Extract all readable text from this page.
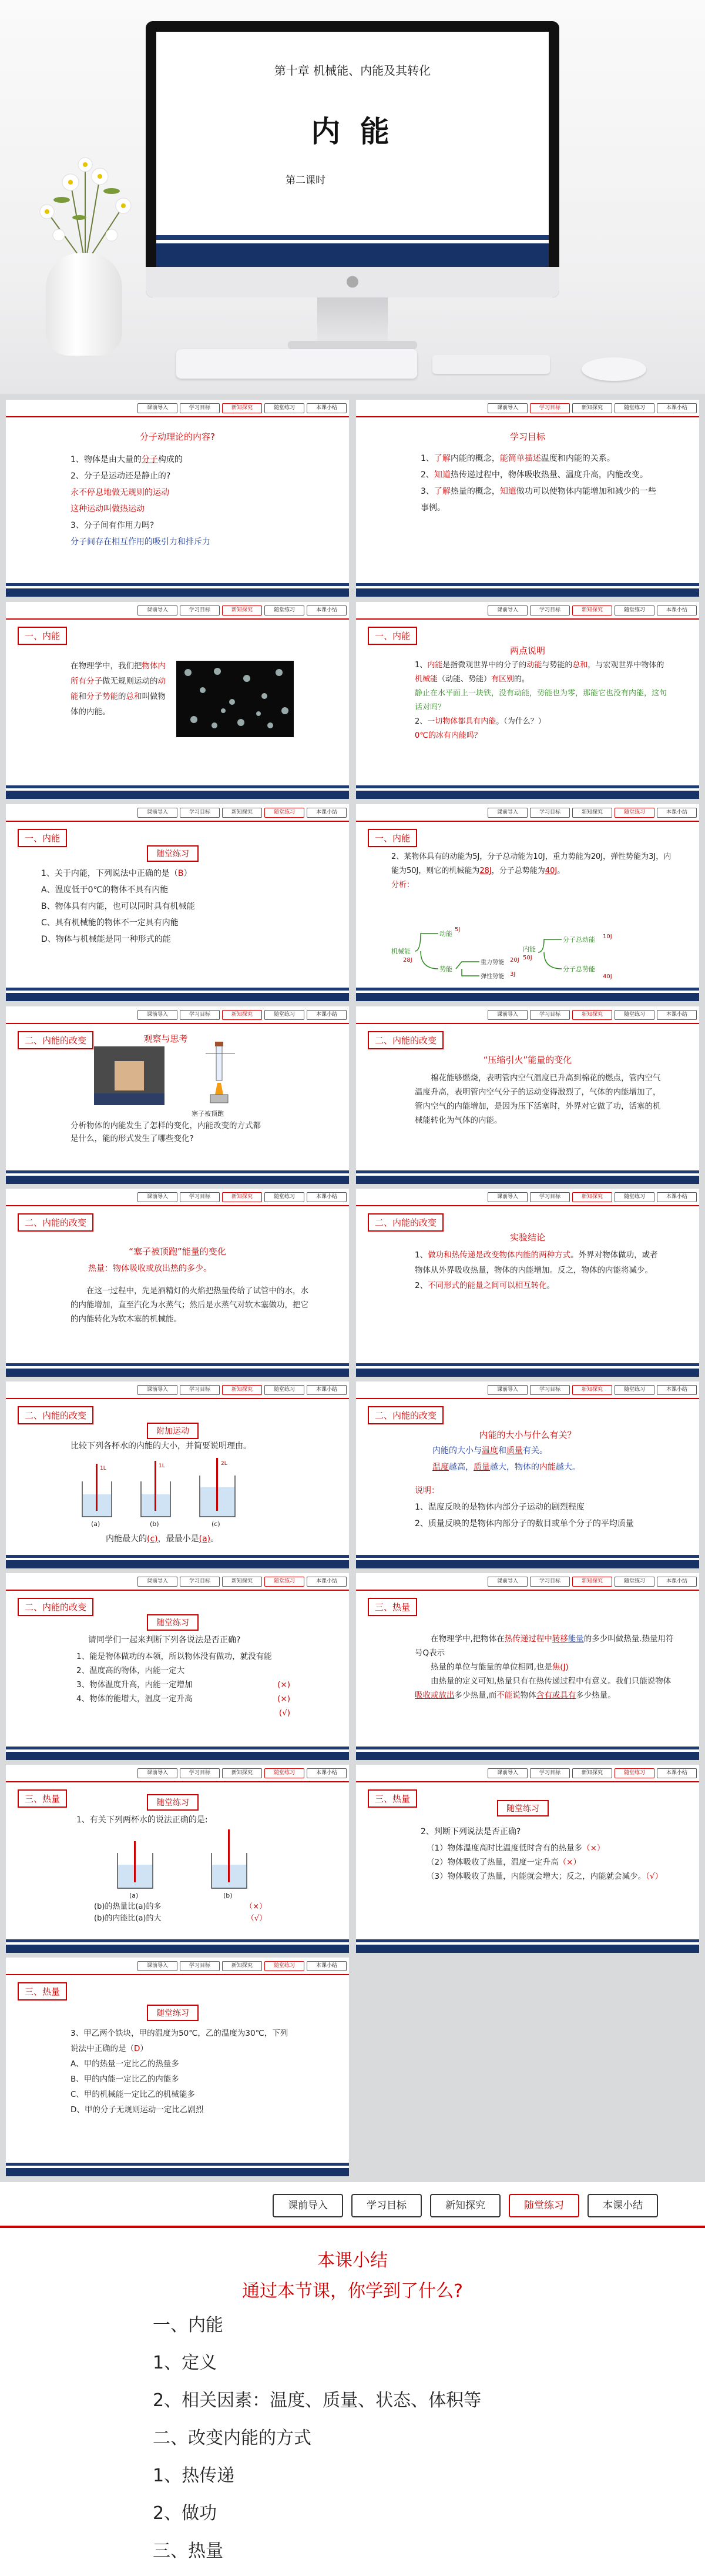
第十章 机械能、内能及其转化
内 能
第二课时
●
课前导入	学习目标	新知探究	随堂练习	本课小结
分子动理论的内容?
1、物体是由大量的分子构成的
2、分子是运动还是静止的?
永不停息地做无规则的运动
这种运动叫做热运动
3、分子间有作用力吗?
分子间存在相互作用的吸引力和排斥力
课前导入	学习目标	新知探究	随堂练习	本课小结
学习目标
1、了解内能的概念，能简单描述温度和内能的关系。
2、知道热传递过程中，物体吸收热量、温度升高，内能改变。
3、了解热量的概念，知道做功可以使物体内能增加和减少的一些事例。
课前导入	学习目标	新知探究	随堂练习	本课小结
一、内能
在物理学中，我们把物体内所有分子做无规则运动的动能和分子势能的总和叫做物体的内能。
课前导入	学习目标	新知探究	随堂练习	本课小结
一、内能
两点说明
1、内能是指微观世界中的分子的动能与势能的总和，与宏观世界中物体的机械能（动能、势能）有区别的。
静止在水平面上一块铁，没有动能，势能也为零，那能它也没有内能，这句话对吗？
2、一切物体都具有内能。（为什么？）
0℃的冰有内能吗？
课前导入	学习目标	新知探究	随堂练习	本课小结
一、内能
随堂练习
1、关于内能，下列说法中正确的是（B）
A、温度低于0℃的物体不具有内能
B、物体具有内能，也可以同时具有机械能
C、具有机械能的物体不一定具有内能
D、物体与机械能是同一种形式的能
课前导入	学习目标	新知探究	随堂练习	本课小结
一、内能
2、某物体具有的动能为5J，分子总动能为10J，重力势能为20J，弹性势能为3J，内能为50J，则它的机械能为28J，分子总势能为40J。
分析：
机械能
28J
动能
5J
势能
重力势能 20J
弹性势能 3J
内能
50J
分子总动能 10J
分子总势能
40J
课前导入	学习目标	新知探究	随堂练习	本课小结
二、内能的改变	观察与思考
塞子被顶跑
分析物体的内能发生了怎样的变化，内能改变的方式都是什么，能的形式发生了哪些变化?
课前导入	学习目标	新知探究	随堂练习	本课小结
二、内能的改变
“压缩引火”能量的变化
棉花能够燃烧，表明管内空气温度已升高到棉花的燃点，管内空气温度升高，表明管内空气分子的运动变得激烈了，气体的内能增加了，管内空气的内能增加，是因为压下活塞时，外界对它做了功，活塞的机械能转化为气体的内能。
课前导入	学习目标	新知探究	随堂练习	本课小结
二、内能的改变
“塞子被顶跑”能量的变化
热量：物体吸收或放出热的多少。
在这一过程中，先是酒精灯的火焰把热量传给了试管中的水，水的内能增加，直至汽化为水蒸气；然后是水蒸气对软木塞做功，把它的内能转化为软木塞的机械能。
课前导入	学习目标	新知探究	随堂练习	本课小结
二、内能的改变
实验结论
1、做功和热传递是改变物体内能的两种方式。外界对物体做功，或者物体从外界吸收热量，物体的内能增加。反之，物体的内能将减少。
2、不同形式的能量之间可以相互转化。
课前导入	学习目标	新知探究	随堂练习	本课小结
二、内能的改变
附加运动
比较下列各杯水的内能的大小，并简要说明理由。
1L	1L	2L
(a)	(b)	(c)
内能最大的(c)，最最小是(a)。
课前导入	学习目标	新知探究	随堂练习	本课小结
二、内能的改变
内能的大小与什么有关？
内能的大小与温度和质量有关。
温度越高，质量越大，物体的内能越大。
说明：
1、温度反映的是物体内部分子运动的剧烈程度
2、质量反映的是物体内部分子的数目或单个分子的平均质量
课前导入	学习目标	新知探究	随堂练习	本课小结
二、内能的改变
随堂练习
请同学们一起来判断下列各说法是否正确?
1、能是物体做功的本领，所以物体没有做功，就没有能
2、温度高的物体，内能一定大
(×)

3、物体温度升高，内能一定增加
(×)

4、物体的能增大，温度一定升高
(√)
课前导入	学习目标	新知探究	随堂练习	本课小结
三、热量
在物理学中,把物体在热传递过程中转移能量的多少叫做热量.热量用符号Q表示
热量的单位与能量的单位相同,也是焦(J)
由热量的定义可知,热量只有在热传递过程中有意义。我们只能说物体吸收或放出多少热量,而不能说物体含有或具有多少热量。
课前导入	学习目标	新知探究	随堂练习	本课小结
三、热量	随堂练习
1、有关下列两杯水的说法正确的是:
(a)	(b)
(b)的热量比(a)的多	（×）

(b)的内能比(a)的大	（√）
课前导入	学习目标	新知探究	随堂练习	本课小结
三、热量
随堂练习
2、判断下列说法是否正确?
（1）物体温度高时比温度低时含有的热量多（×）
（2）物体吸收了热量，温度一定升高（×）
（3）物体吸收了热量，内能就会增大；反之，内能就会减少。（√）
课前导入	学习目标	新知探究	随堂练习	本课小结
三、热量
随堂练习
3、甲乙两个铁块，甲的温度为50℃，乙的温度为30℃，下列说法中正确的是（D）
A、甲的热量一定比乙的热量多
B、甲的内能一定比乙的内能多
C、甲的机械能一定比乙的机械能多
D、甲的分子无规则运动一定比乙剧烈
课前导入	学习目标	新知探究	随堂练习	本课小结
本课小结
通过本节课，你学到了什么?
一、内能
1、定义
2、相关因素：温度、质量、状态、体积等
二、改变内能的方式
1、热传递
2、做功
三、热量
